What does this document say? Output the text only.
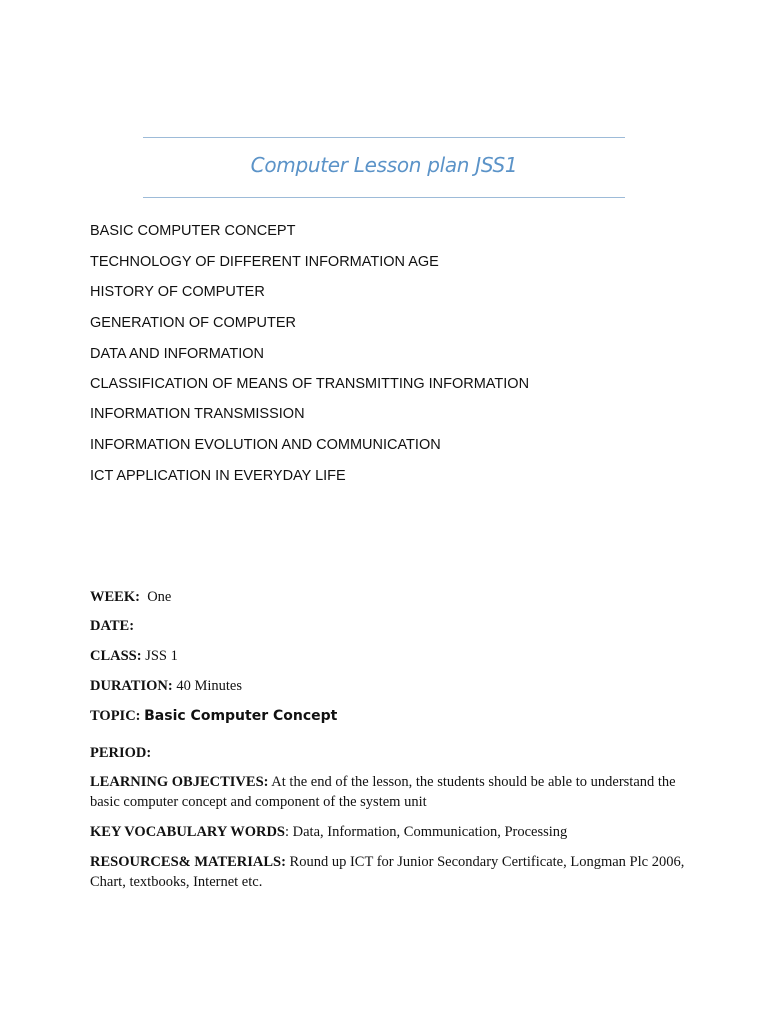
Computer Lesson plan JSS1
BASIC COMPUTER CONCEPT
TECHNOLOGY OF DIFFERENT INFORMATION AGE
HISTORY OF COMPUTER
GENERATION OF COMPUTER
DATA AND INFORMATION
CLASSIFICATION OF MEANS OF TRANSMITTING INFORMATION
INFORMATION TRANSMISSION
INFORMATION EVOLUTION AND COMMUNICATION
ICT APPLICATION IN EVERYDAY LIFE
WEEK: One
DATE:
CLASS: JSS 1
DURATION: 40 Minutes
TOPIC: Basic Computer Concept
PERIOD:
LEARNING OBJECTIVES: At the end of the lesson, the students should be able to understand the basic computer concept and component of the system unit
KEY VOCABULARY WORDS: Data, Information, Communication, Processing
RESOURCES& MATERIALS: Round up ICT for Junior Secondary Certificate, Longman Plc 2006, Chart, textbooks, Internet etc.
